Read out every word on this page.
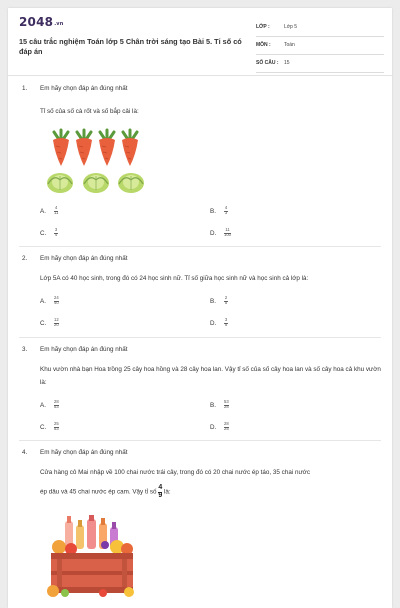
2048.vn
15 câu trắc nghiệm Toán lớp 5 Chân trời sáng tạo Bài 5. Tỉ số có đáp án
LỚP :	Lớp 5
MÔN :	Toán
SỐ CÂU : 15
1. Em hãy chọn đáp án đúng nhất
Tỉ số của số cà rốt và số bắp cải là:
A. $\frac{4}{11}$	B. $\frac{4}{3}$
C. $\frac{3}{4}$	D. $\frac{11}{100}$
2. Em hãy chọn đáp án đúng nhất
Lớp 5A có 40 học sinh, trong đó có 24 học sinh nữ. Tỉ số giữa học sinh nữ và học sinh cả lớp là:
A. $\frac{24}{40}$	B. $\frac{2}{5}$
C. $\frac{12}{20}$	D. $\frac{3}{5}$
3. Em hãy chọn đáp án đúng nhất
Khu vườn nhà bạn Hoa trồng 25 cây hoa hồng và 28 cây hoa lan. Vậy tỉ số của số cây hoa lan và số cây hoa cả khu vườn là:
A. $\frac{28}{53}$	B. $\frac{53}{28}$
C. $\frac{25}{53}$	D. $\frac{28}{25}$
4. Em hãy chọn đáp án đúng nhất
Cửa hàng cô Mai nhập về 100 chai nước trái cây, trong đó có 20 chai nước ép táo, 35 chai nước
ép dâu và 45 chai nước ép cam. Vậy tỉ số $\frac{4}{9}$ là:
